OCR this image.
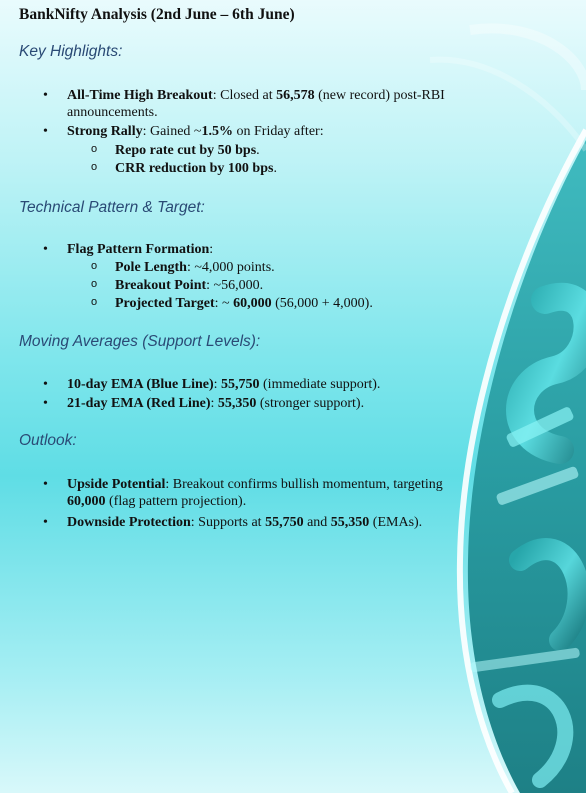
BankNifty Analysis (2nd June – 6th June)
Key Highlights:
• All-Time High Breakout: Closed at 56,578 (new record) post-RBI announcements.
• Strong Rally: Gained ~1.5% on Friday after:
o Repo rate cut by 50 bps.
o CRR reduction by 100 bps.
Technical Pattern & Target:
• Flag Pattern Formation:
o Pole Length: ~4,000 points.
o Breakout Point: ~56,000.
o Projected Target: ~ 60,000 (56,000 + 4,000).
Moving Averages (Support Levels):
• 10-day EMA (Blue Line): 55,750 (immediate support).
• 21-day EMA (Red Line): 55,350 (stronger support).
Outlook:
• Upside Potential: Breakout confirms bullish momentum, targeting 60,000 (flag pattern projection).
• Downside Protection: Supports at 55,750 and 55,350 (EMAs).
